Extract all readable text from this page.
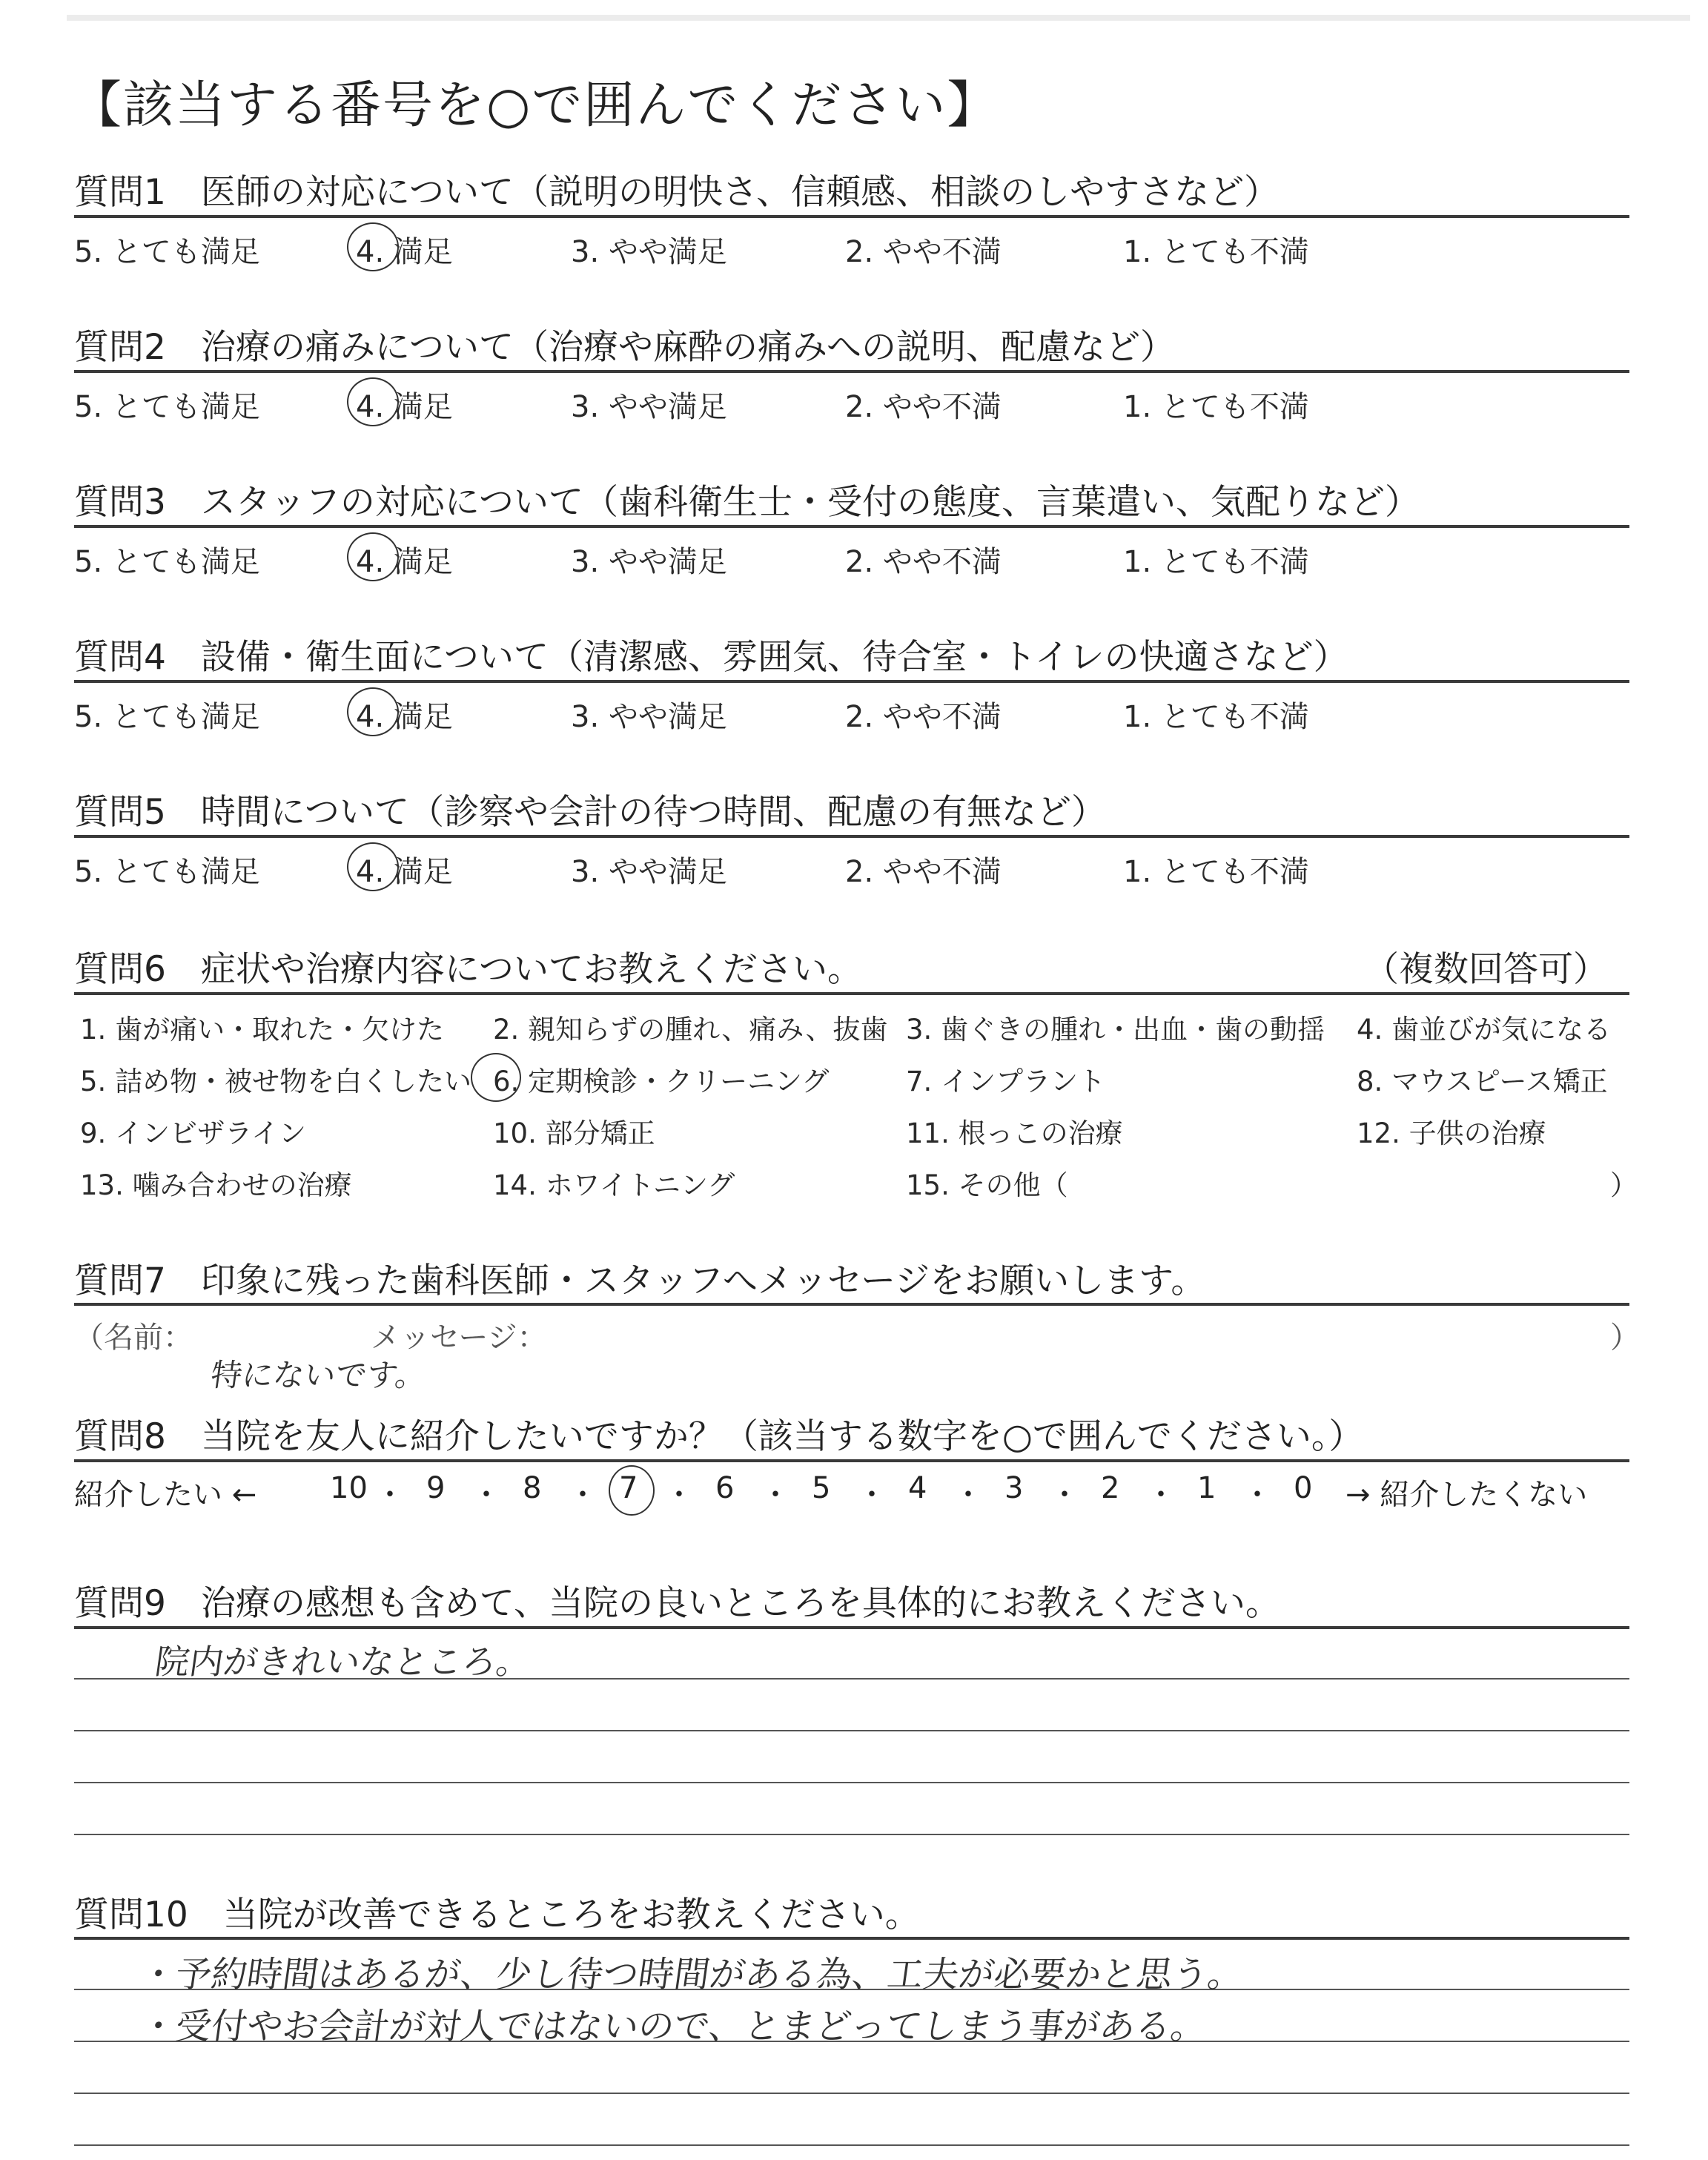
【該当する番号を○で囲んでください】
質問1　医師の対応について（説明の明快さ、信頼感、相談のしやすさなど）
5. とても満足	4. 満足	3. やや満足	2. やや不満	1. とても不満
質問2　治療の痛みについて（治療や麻酔の痛みへの説明、配慮など）
5. とても満足	4. 満足	3. やや満足	2. やや不満	1. とても不満
質問3　スタッフの対応について（歯科衛生士・受付の態度、言葉遣い、気配りなど）
5. とても満足	4. 満足	3. やや満足	2. やや不満	1. とても不満
質問4　設備・衛生面について（清潔感、雰囲気、待合室・トイレの快適さなど）
5. とても満足	4. 満足	3. やや満足	2. やや不満	1. とても不満
質問5　時間について（診察や会計の待つ時間、配慮の有無など）
5. とても満足	4. 満足	3. やや満足	2. やや不満	1. とても不満
質問6　症状や治療内容についてお教えください。	（複数回答可）
1. 歯が痛い・取れた・欠けた 2. 親知らずの腫れ、痛み、抜歯 3. 歯ぐきの腫れ・出血・歯の動揺 4. 歯並びが気になる
5. 詰め物・被せ物を白くしたい 6. 定期検診・クリーニング	7. インプラント	8. マウスピース矯正
9. インビザライン	10. 部分矯正	11. 根っこの治療	12. 子供の治療
13. 噛み合わせの治療	14. ホワイトニング	15. その他（	）
質問7　印象に残った歯科医師・スタッフへメッセージをお願いします。
（名前：	メッセージ：	）
特にないです。
質問8　当院を友人に紹介したいですか？（該当する数字を○で囲んでください。）
紹介したい ← 10 ・ 9 ・ 8 ・ 7 ・ 6 ・ 5 ・ 4 ・ 3 ・ 2 ・ 1 ・ 0 → 紹介したくない
質問9　治療の感想も含めて、当院の良いところを具体的にお教えください。
院内がきれいなところ。
質問10　当院が改善できるところをお教えください。
・予約時間はあるが、少し待つ時間がある為、工夫が必要かと思う。
・受付やお会計が対人ではないので、とまどってしまう事がある。
